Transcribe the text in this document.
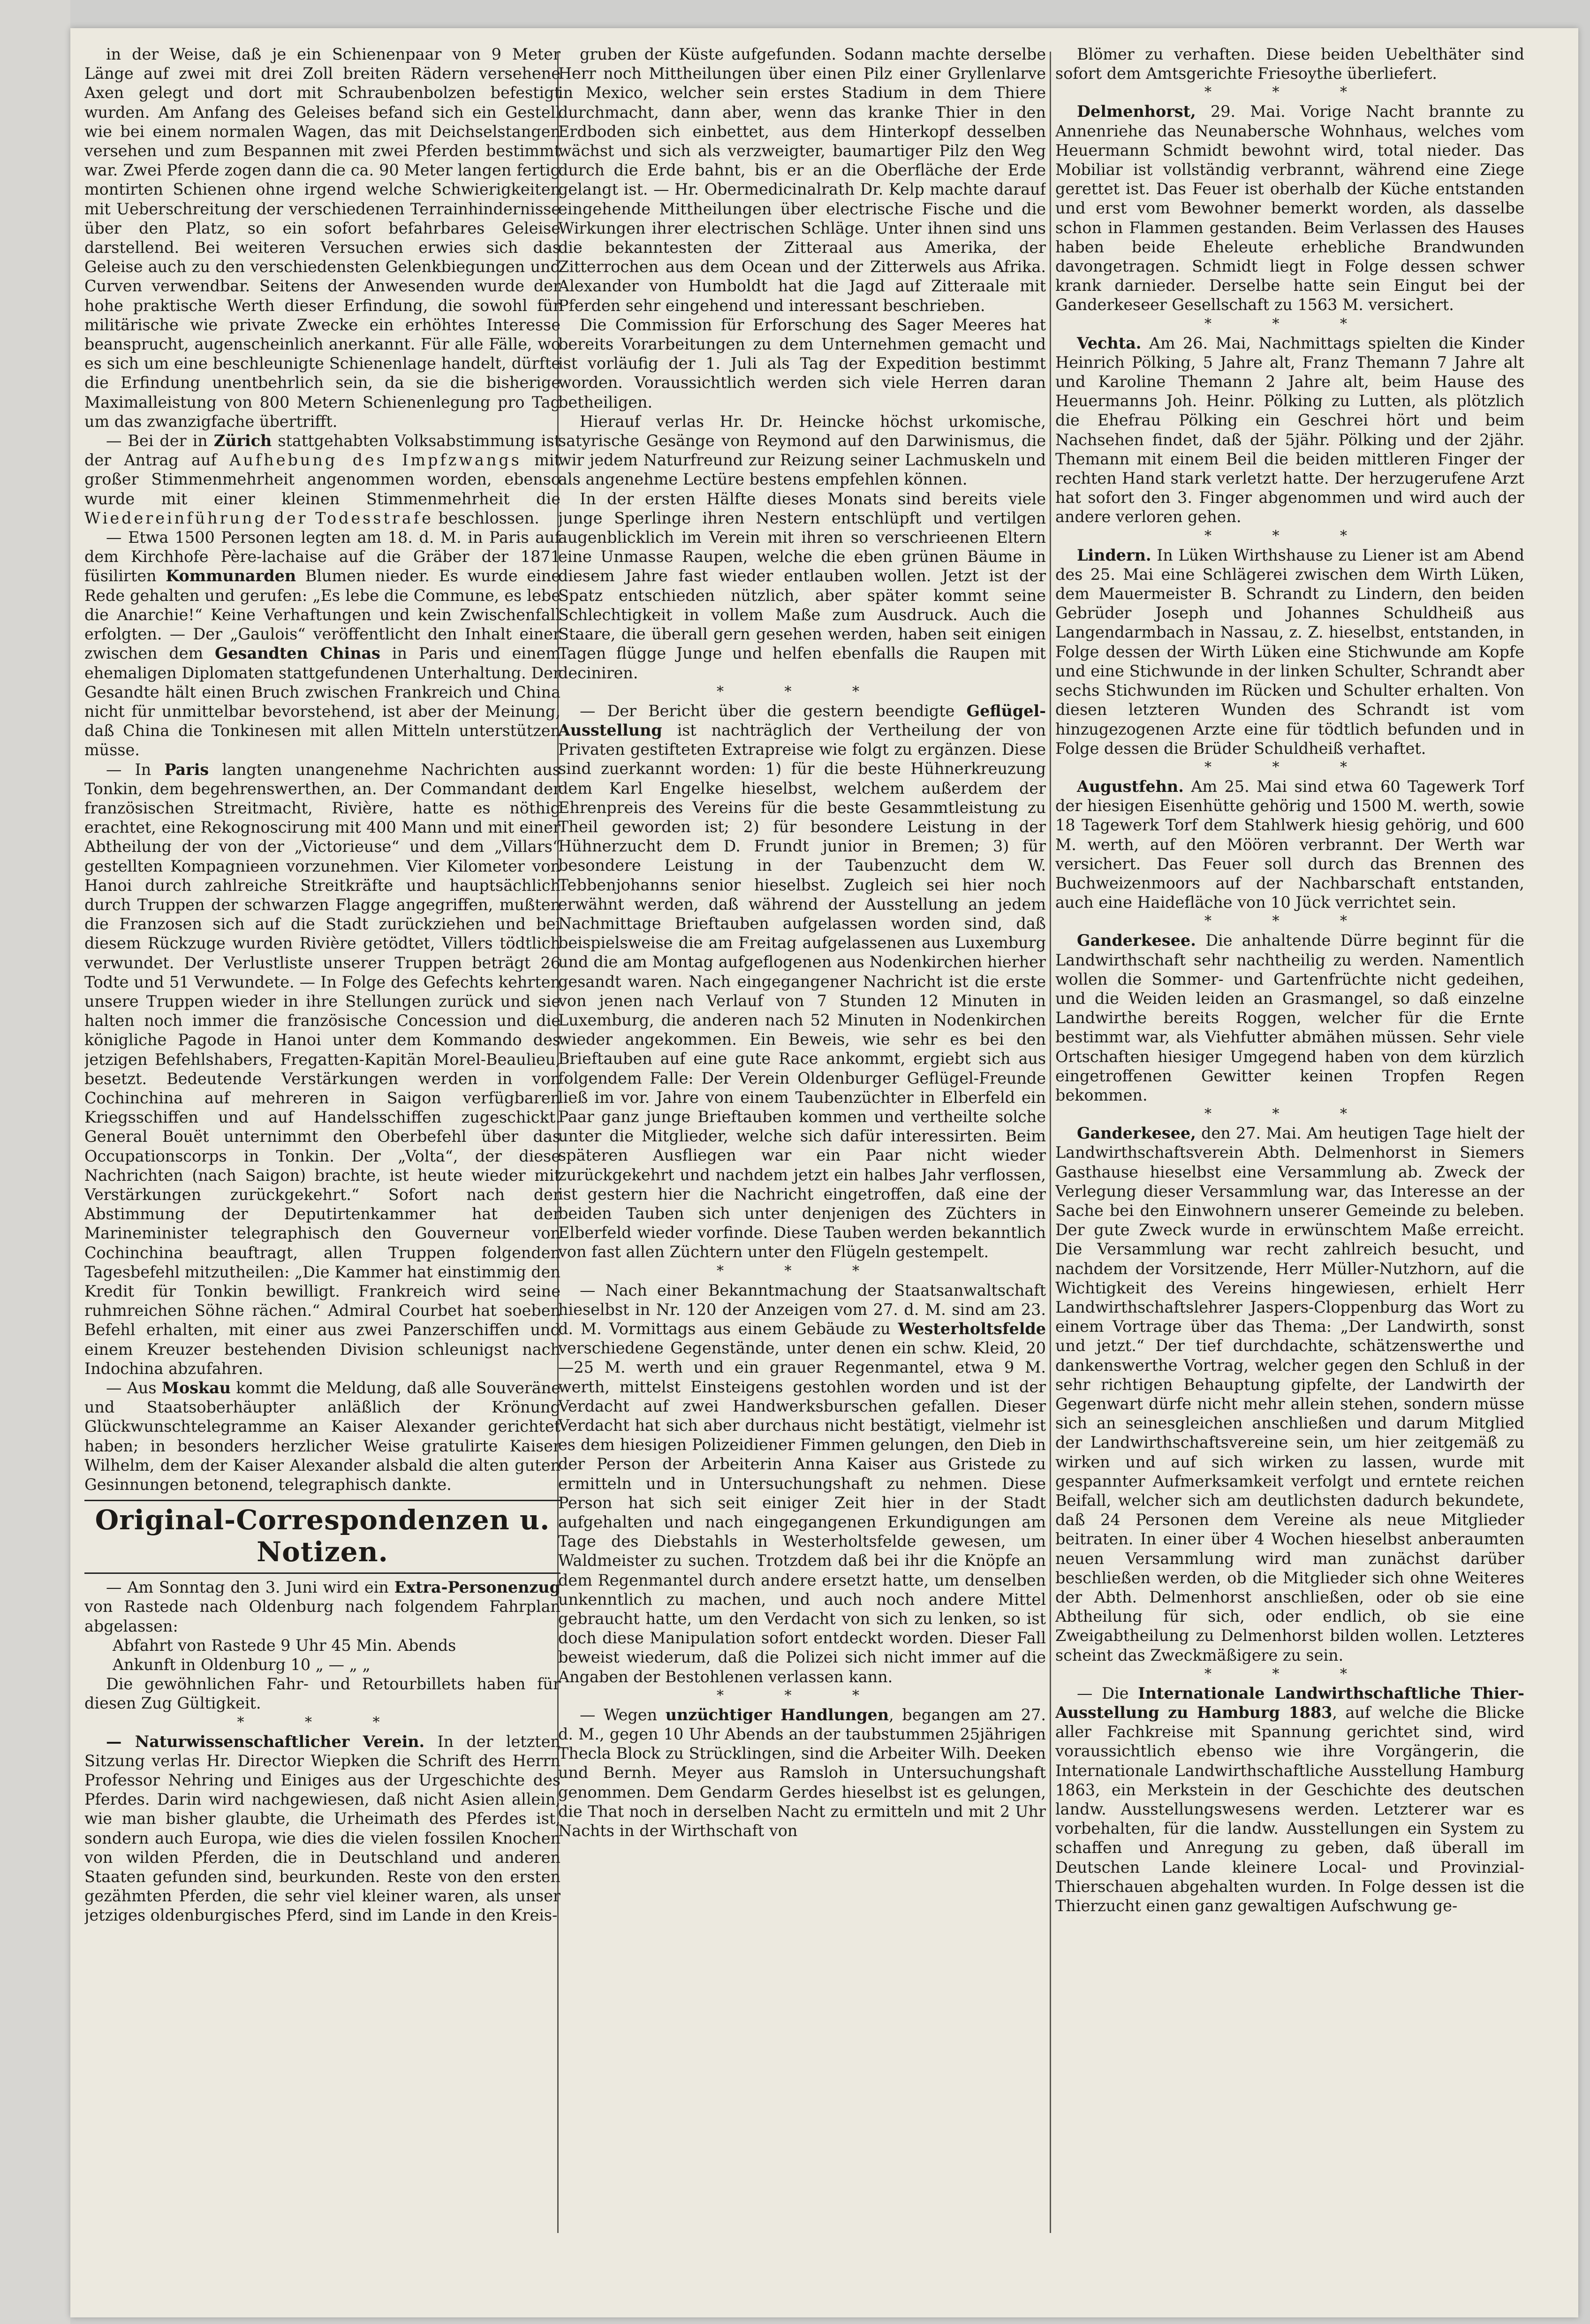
in der Weise, daß je ein Schienenpaar von 9 Meter Länge auf zwei mit drei Zoll breiten Rädern versehene Axen gelegt und dort mit Schraubenbolzen befestigt wurden. Am Anfang des Geleises befand sich ein Gestell wie bei einem normalen Wagen, das mit Deichselstangen versehen und zum Bespannen mit zwei Pferden bestimmt war. Zwei Pferde zogen dann die ca. 90 Meter langen fertig montirten Schienen ohne irgend welche Schwierigkeiten mit Ueberschreitung der verschiedenen Terrainhindernisse über den Platz, so ein sofort befahrbares Geleise darstellend. Bei weiteren Versuchen erwies sich das Geleise auch zu den verschiedensten Gelenkbiegungen und Curven verwendbar. Seitens der Anwesenden wurde der hohe praktische Werth dieser Erfindung, die sowohl für militärische wie private Zwecke ein erhöhtes Interesse beansprucht, augenscheinlich anerkannt. Für alle Fälle, wo es sich um eine beschleunigte Schienenlage handelt, dürfte die Erfindung unentbehrlich sein, da sie die bisherige Maximalleistung von 800 Metern Schienenlegung pro Tag um das zwanzigfache übertrifft.

— Bei der in Zürich stattgehabten Volksabstimmung ist der Antrag auf Aufhebung des Impfzwangs mit großer Stimmenmehrheit angenommen worden, ebenso wurde mit einer kleinen Stimmenmehrheit die Wiedereinführung der Todesstrafe beschlossen.

— Etwa 1500 Personen legten am 18. d. M. in Paris auf dem Kirchhofe Père-lachaise auf die Gräber der 1871 füsilirten Kommunarden Blumen nieder. Es wurde eine Rede gehalten und gerufen: „Es lebe die Commune, es lebe die Anarchie!“ Keine Verhaftungen und kein Zwischenfall erfolgten. — Der „Gaulois“ veröffentlicht den Inhalt einer zwischen dem Gesandten Chinas in Paris und einem ehemaligen Diplomaten stattgefundenen Unterhaltung. Der Gesandte hält einen Bruch zwischen Frankreich und China nicht für unmittelbar bevorstehend, ist aber der Meinung, daß China die Tonkinesen mit allen Mitteln unterstützen müsse.

— In Paris langten unangenehme Nachrichten aus Tonkin, dem begehrenswerthen, an. Der Commandant der französischen Streitmacht, Rivière, hatte es nöthig erachtet, eine Rekognoscirung mit 400 Mann und mit einer Abtheilung der von der „Victorieuse“ und dem „Villars“ gestellten Kompagnieen vorzunehmen. Vier Kilometer von Hanoi durch zahlreiche Streitkräfte und hauptsächlich durch Truppen der schwarzen Flagge angegriffen, mußten die Franzosen sich auf die Stadt zurückziehen und bei diesem Rückzuge wurden Rivière getödtet, Villers tödtlich verwundet. Der Verlustliste unserer Truppen beträgt 26 Todte und 51 Verwundete. — In Folge des Gefechts kehrten unsere Truppen wieder in ihre Stellungen zurück und sie halten noch immer die französische Concession und die königliche Pagode in Hanoi unter dem Kommando des jetzigen Befehlshabers, Fregatten-Kapitän Morel-Beaulieu, besetzt. Bedeutende Verstärkungen werden in von Cochinchina auf mehreren in Saigon verfügbaren Kriegsschiffen und auf Handelsschiffen zugeschickt. General Bouët unternimmt den Oberbefehl über das Occupationscorps in Tonkin. Der „Volta“, der diese Nachrichten (nach Saigon) brachte, ist heute wieder mit Verstärkungen zurückgekehrt.“ Sofort nach der Abstimmung der Deputirtenkammer hat der Marineminister telegraphisch den Gouverneur von Cochinchina beauftragt, allen Truppen folgenden Tagesbefehl mitzutheilen: „Die Kammer hat einstimmig den Kredit für Tonkin bewilligt. Frankreich wird seine ruhmreichen Söhne rächen.“ Admiral Courbet hat soeben Befehl erhalten, mit einer aus zwei Panzerschiffen und einem Kreuzer bestehenden Division schleunigst nach Indochina abzufahren.

— Aus Moskau kommt die Meldung, daß alle Souveräne und Staatsoberhäupter anläßlich der Krönung Glückwunschtelegramme an Kaiser Alexander gerichtet haben; in besonders herzlicher Weise gratulirte Kaiser Wilhelm, dem der Kaiser Alexander alsbald die alten guten Gesinnungen betonend, telegraphisch dankte.

Original-Correspondenzen u. Notizen.

— Am Sonntag den 3. Juni wird ein Extra-Personenzug von Rastede nach Oldenburg nach folgendem Fahrplan abgelassen:

Abfahrt von Rastede 9 Uhr 45 Min. Abends

Ankunft in Oldenburg 10 „ — „ „

Die gewöhnlichen Fahr- und Retourbillets haben für diesen Zug Gültigkeit.

* * *

— Naturwissenschaftlicher Verein. In der letzten Sitzung verlas Hr. Director Wiepken die Schrift des Herrn Professor Nehring und Einiges aus der Urgeschichte des Pferdes. Darin wird nachgewiesen, daß nicht Asien allein, wie man bisher glaubte, die Urheimath des Pferdes ist, sondern auch Europa, wie dies die vielen fossilen Knochen von wilden Pferden, die in Deutschland und anderen Staaten gefunden sind, beurkunden. Reste von den ersten gezähmten Pferden, die sehr viel kleiner waren, als unser jetziges oldenburgisches Pferd, sind im Lande in den Kreis-

gruben der Küste aufgefunden. Sodann machte derselbe Herr noch Mittheilungen über einen Pilz einer Gryllenlarve in Mexico, welcher sein erstes Stadium in dem Thiere durchmacht, dann aber, wenn das kranke Thier in den Erdboden sich einbettet, aus dem Hinterkopf desselben wächst und sich als verzweigter, baumartiger Pilz den Weg durch die Erde bahnt, bis er an die Oberfläche der Erde gelangt ist. — Hr. Obermedicinalrath Dr. Kelp machte darauf eingehende Mittheilungen über electrische Fische und die Wirkungen ihrer electrischen Schläge. Unter ihnen sind uns die bekanntesten der Zitteraal aus Amerika, der Zitterrochen aus dem Ocean und der Zitterwels aus Afrika. Alexander von Humboldt hat die Jagd auf Zitteraale mit Pferden sehr eingehend und interessant beschrieben.

Die Commission für Erforschung des Sager Meeres hat bereits Vorarbeitungen zu dem Unternehmen gemacht und ist vorläufig der 1. Juli als Tag der Expedition bestimmt worden. Voraussichtlich werden sich viele Herren daran betheiligen.

Hierauf verlas Hr. Dr. Heincke höchst urkomische, satyrische Gesänge von Reymond auf den Darwinismus, die wir jedem Naturfreund zur Reizung seiner Lachmuskeln und als angenehme Lectüre bestens empfehlen können.

In der ersten Hälfte dieses Monats sind bereits viele junge Sperlinge ihren Nestern entschlüpft und vertilgen augenblicklich im Verein mit ihren so verschrieenen Eltern eine Unmasse Raupen, welche die eben grünen Bäume in diesem Jahre fast wieder entlauben wollen. Jetzt ist der Spatz entschieden nützlich, aber später kommt seine Schlechtigkeit in vollem Maße zum Ausdruck. Auch die Staare, die überall gern gesehen werden, haben seit einigen Tagen flügge Junge und helfen ebenfalls die Raupen mit deciniren.

* * *

— Der Bericht über die gestern beendigte Geflügel-Ausstellung ist nachträglich der Vertheilung der von Privaten gestifteten Extrapreise wie folgt zu ergänzen. Diese sind zuerkannt worden: 1) für die beste Hühnerkreuzung dem Karl Engelke hieselbst, welchem außerdem der Ehrenpreis des Vereins für die beste Gesammtleistung zu Theil geworden ist; 2) für besondere Leistung in der Hühnerzucht dem D. Frundt junior in Bremen; 3) für besondere Leistung in der Taubenzucht dem W. Tebbenjohanns senior hieselbst. Zugleich sei hier noch erwähnt werden, daß während der Ausstellung an jedem Nachmittage Brieftauben aufgelassen worden sind, daß beispielsweise die am Freitag aufgelassenen aus Luxemburg und die am Montag aufgeflogenen aus Nodenkirchen hierher gesandt waren. Nach eingegangener Nachricht ist die erste von jenen nach Verlauf von 7 Stunden 12 Minuten in Luxemburg, die anderen nach 52 Minuten in Nodenkirchen wieder angekommen. Ein Beweis, wie sehr es bei den Brieftauben auf eine gute Race ankommt, ergiebt sich aus folgendem Falle: Der Verein Oldenburger Geflügel-Freunde ließ im vor. Jahre von einem Taubenzüchter in Elberfeld ein Paar ganz junge Brieftauben kommen und vertheilte solche unter die Mitglieder, welche sich dafür interessirten. Beim späteren Ausfliegen war ein Paar nicht wieder zurückgekehrt und nachdem jetzt ein halbes Jahr verflossen, ist gestern hier die Nachricht eingetroffen, daß eine der beiden Tauben sich unter denjenigen des Züchters in Elberfeld wieder vorfinde. Diese Tauben werden bekanntlich von fast allen Züchtern unter den Flügeln gestempelt.

* * *

— Nach einer Bekanntmachung der Staatsanwaltschaft hieselbst in Nr. 120 der Anzeigen vom 27. d. M. sind am 23. d. M. Vormittags aus einem Gebäude zu Westerholtsfelde verschiedene Gegenstände, unter denen ein schw. Kleid, 20—25 M. werth und ein grauer Regenmantel, etwa 9 M. werth, mittelst Einsteigens gestohlen worden und ist der Verdacht auf zwei Handwerksburschen gefallen. Dieser Verdacht hat sich aber durchaus nicht bestätigt, vielmehr ist es dem hiesigen Polizeidiener Fimmen gelungen, den Dieb in der Person der Arbeiterin Anna Kaiser aus Gristede zu ermitteln und in Untersuchungshaft zu nehmen. Diese Person hat sich seit einiger Zeit hier in der Stadt aufgehalten und nach eingegangenen Erkundigungen am Tage des Diebstahls in Westerholtsfelde gewesen, um Waldmeister zu suchen. Trotzdem daß bei ihr die Knöpfe an dem Regenmantel durch andere ersetzt hatte, um denselben unkenntlich zu machen, und auch noch andere Mittel gebraucht hatte, um den Verdacht von sich zu lenken, so ist doch diese Manipulation sofort entdeckt worden. Dieser Fall beweist wiederum, daß die Polizei sich nicht immer auf die Angaben der Bestohlenen verlassen kann.

* * *

— Wegen unzüchtiger Handlungen, begangen am 27. d. M., gegen 10 Uhr Abends an der taubstummen 25jährigen Thecla Block zu Strücklingen, sind die Arbeiter Wilh. Deeken und Bernh. Meyer aus Ramsloh in Untersuchungshaft genommen. Dem Gendarm Gerdes hieselbst ist es gelungen, die That noch in derselben Nacht zu ermitteln und mit 2 Uhr Nachts in der Wirthschaft von

Blömer zu verhaften. Diese beiden Uebelthäter sind sofort dem Amtsgerichte Friesoythe überliefert.

* * *

Delmenhorst, 29. Mai. Vorige Nacht brannte zu Annenriehe das Neunabersche Wohnhaus, welches vom Heuermann Schmidt bewohnt wird, total nieder. Das Mobiliar ist vollständig verbrannt, während eine Ziege gerettet ist. Das Feuer ist oberhalb der Küche entstanden und erst vom Bewohner bemerkt worden, als dasselbe schon in Flammen gestanden. Beim Verlassen des Hauses haben beide Eheleute erhebliche Brandwunden davongetragen. Schmidt liegt in Folge dessen schwer krank darnieder. Derselbe hatte sein Eingut bei der Ganderkeseer Gesellschaft zu 1563 M. versichert.

* * *

Vechta. Am 26. Mai, Nachmittags spielten die Kinder Heinrich Pölking, 5 Jahre alt, Franz Themann 7 Jahre alt und Karoline Themann 2 Jahre alt, beim Hause des Heuermanns Joh. Heinr. Pölking zu Lutten, als plötzlich die Ehefrau Pölking ein Geschrei hört und beim Nachsehen findet, daß der 5jähr. Pölking und der 2jähr. Themann mit einem Beil die beiden mittleren Finger der rechten Hand stark verletzt hatte. Der herzugerufene Arzt hat sofort den 3. Finger abgenommen und wird auch der andere verloren gehen.

* * *

Lindern. In Lüken Wirthshause zu Liener ist am Abend des 25. Mai eine Schlägerei zwischen dem Wirth Lüken, dem Mauermeister B. Schrandt zu Lindern, den beiden Gebrüder Joseph und Johannes Schuldheiß aus Langendarmbach in Nassau, z. Z. hieselbst, entstanden, in Folge dessen der Wirth Lüken eine Stichwunde am Kopfe und eine Stichwunde in der linken Schulter, Schrandt aber sechs Stichwunden im Rücken und Schulter erhalten. Von diesen letzteren Wunden des Schrandt ist vom hinzugezogenen Arzte eine für tödtlich befunden und in Folge dessen die Brüder Schuldheiß verhaftet.

* * *

Augustfehn. Am 25. Mai sind etwa 60 Tagewerk Torf der hiesigen Eisenhütte gehörig und 1500 M. werth, sowie 18 Tagewerk Torf dem Stahlwerk hiesig gehörig, und 600 M. werth, auf den Möören verbrannt. Der Werth war versichert. Das Feuer soll durch das Brennen des Buchweizenmoors auf der Nachbarschaft entstanden, auch eine Haidefläche von 10 Jück verrichtet sein.

* * *

Ganderkesee. Die anhaltende Dürre beginnt für die Landwirthschaft sehr nachtheilig zu werden. Namentlich wollen die Sommer- und Gartenfrüchte nicht gedeihen, und die Weiden leiden an Grasmangel, so daß einzelne Landwirthe bereits Roggen, welcher für die Ernte bestimmt war, als Viehfutter abmähen müssen. Sehr viele Ortschaften hiesiger Umgegend haben von dem kürzlich eingetroffenen Gewitter keinen Tropfen Regen bekommen.

* * *

Ganderkesee, den 27. Mai. Am heutigen Tage hielt der Landwirthschaftsverein Abth. Delmenhorst in Siemers Gasthause hieselbst eine Versammlung ab. Zweck der Verlegung dieser Versammlung war, das Interesse an der Sache bei den Einwohnern unserer Gemeinde zu beleben. Der gute Zweck wurde in erwünschtem Maße erreicht. Die Versammlung war recht zahlreich besucht, und nachdem der Vorsitzende, Herr Müller-Nutzhorn, auf die Wichtigkeit des Vereins hingewiesen, erhielt Herr Landwirthschaftslehrer Jaspers-Cloppenburg das Wort zu einem Vortrage über das Thema: „Der Landwirth, sonst und jetzt.“ Der tief durchdachte, schätzenswerthe und dankenswerthe Vortrag, welcher gegen den Schluß in der sehr richtigen Behauptung gipfelte, der Landwirth der Gegenwart dürfe nicht mehr allein stehen, sondern müsse sich an seinesgleichen anschließen und darum Mitglied der Landwirthschaftsvereine sein, um hier zeitgemäß zu wirken und auf sich wirken zu lassen, wurde mit gespannter Aufmerksamkeit verfolgt und erntete reichen Beifall, welcher sich am deutlichsten dadurch bekundete, daß 24 Personen dem Vereine als neue Mitglieder beitraten. In einer über 4 Wochen hieselbst anberaumten neuen Versammlung wird man zunächst darüber beschließen werden, ob die Mitglieder sich ohne Weiteres der Abth. Delmenhorst anschließen, oder ob sie eine Abtheilung für sich, oder endlich, ob sie eine Zweigabtheilung zu Delmenhorst bilden wollen. Letzteres scheint das Zweckmäßigere zu sein.

* * *

— Die Internationale Landwirthschaftliche Thier-Ausstellung zu Hamburg 1883, auf welche die Blicke aller Fachkreise mit Spannung gerichtet sind, wird voraussichtlich ebenso wie ihre Vorgängerin, die Internationale Landwirthschaftliche Ausstellung Hamburg 1863, ein Merkstein in der Geschichte des deutschen landw. Ausstellungswesens werden. Letzterer war es vorbehalten, für die landw. Ausstellungen ein System zu schaffen und Anregung zu geben, daß überall im Deutschen Lande kleinere Local- und Provinzial-Thierschauen abgehalten wurden. In Folge dessen ist die Thierzucht einen ganz gewaltigen Aufschwung ge-
